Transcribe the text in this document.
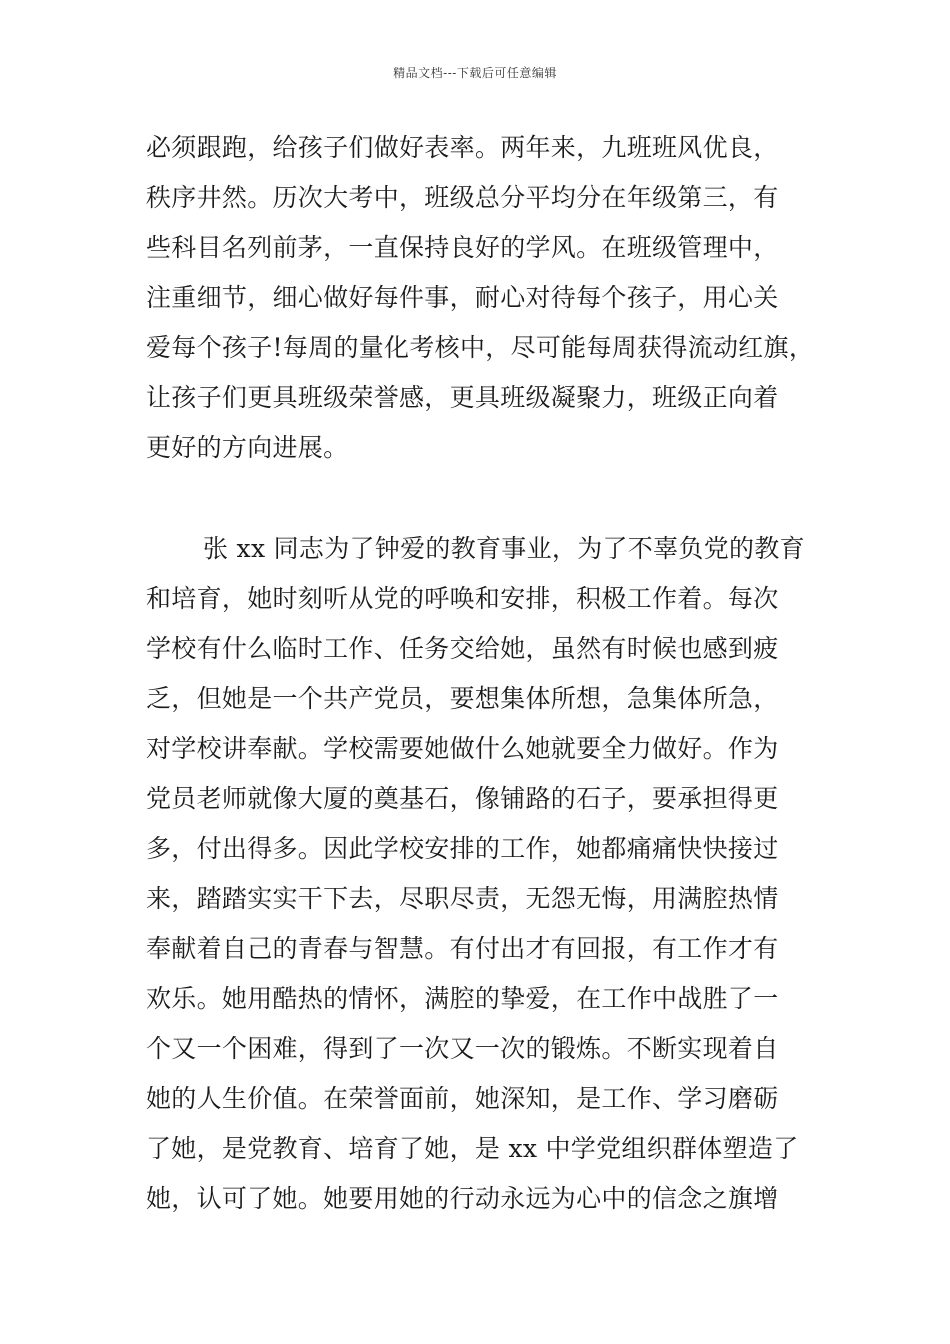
精品文档---下载后可任意编辑
必须跟跑，给孩子们做好表率。两年来，九班班风优良，
秩序井然。历次大考中，班级总分平均分在年级第三，有
些科目名列前茅，一直保持良好的学风。在班级管理中，
注重细节，细心做好每件事，耐心对待每个孩子，用心关
爱每个孩子!每周的量化考核中，尽可能每周获得流动红旗，
让孩子们更具班级荣誉感，更具班级凝聚力，班级正向着
更好的方向进展。
张 xx 同志为了钟爱的教育事业，为了不辜负党的教育
和培育，她时刻听从党的呼唤和安排，积极工作着。每次
学校有什么临时工作、任务交给她，虽然有时候也感到疲
乏，但她是一个共产党员，要想集体所想，急集体所急，
对学校讲奉献。学校需要她做什么她就要全力做好。作为
党员老师就像大厦的奠基石，像铺路的石子，要承担得更
多，付出得多。因此学校安排的工作，她都痛痛快快接过
来，踏踏实实干下去，尽职尽责，无怨无悔，用满腔热情
奉献着自己的青春与智慧。有付出才有回报，有工作才有
欢乐。她用酷热的情怀，满腔的挚爱，在工作中战胜了一
个又一个困难，得到了一次又一次的锻炼。不断实现着自
她的人生价值。在荣誉面前，她深知，是工作、学习磨砺
了她，是党教育、培育了她，是 xx 中学党组织群体塑造了
她，认可了她。她要用她的行动永远为心中的信念之旗增
